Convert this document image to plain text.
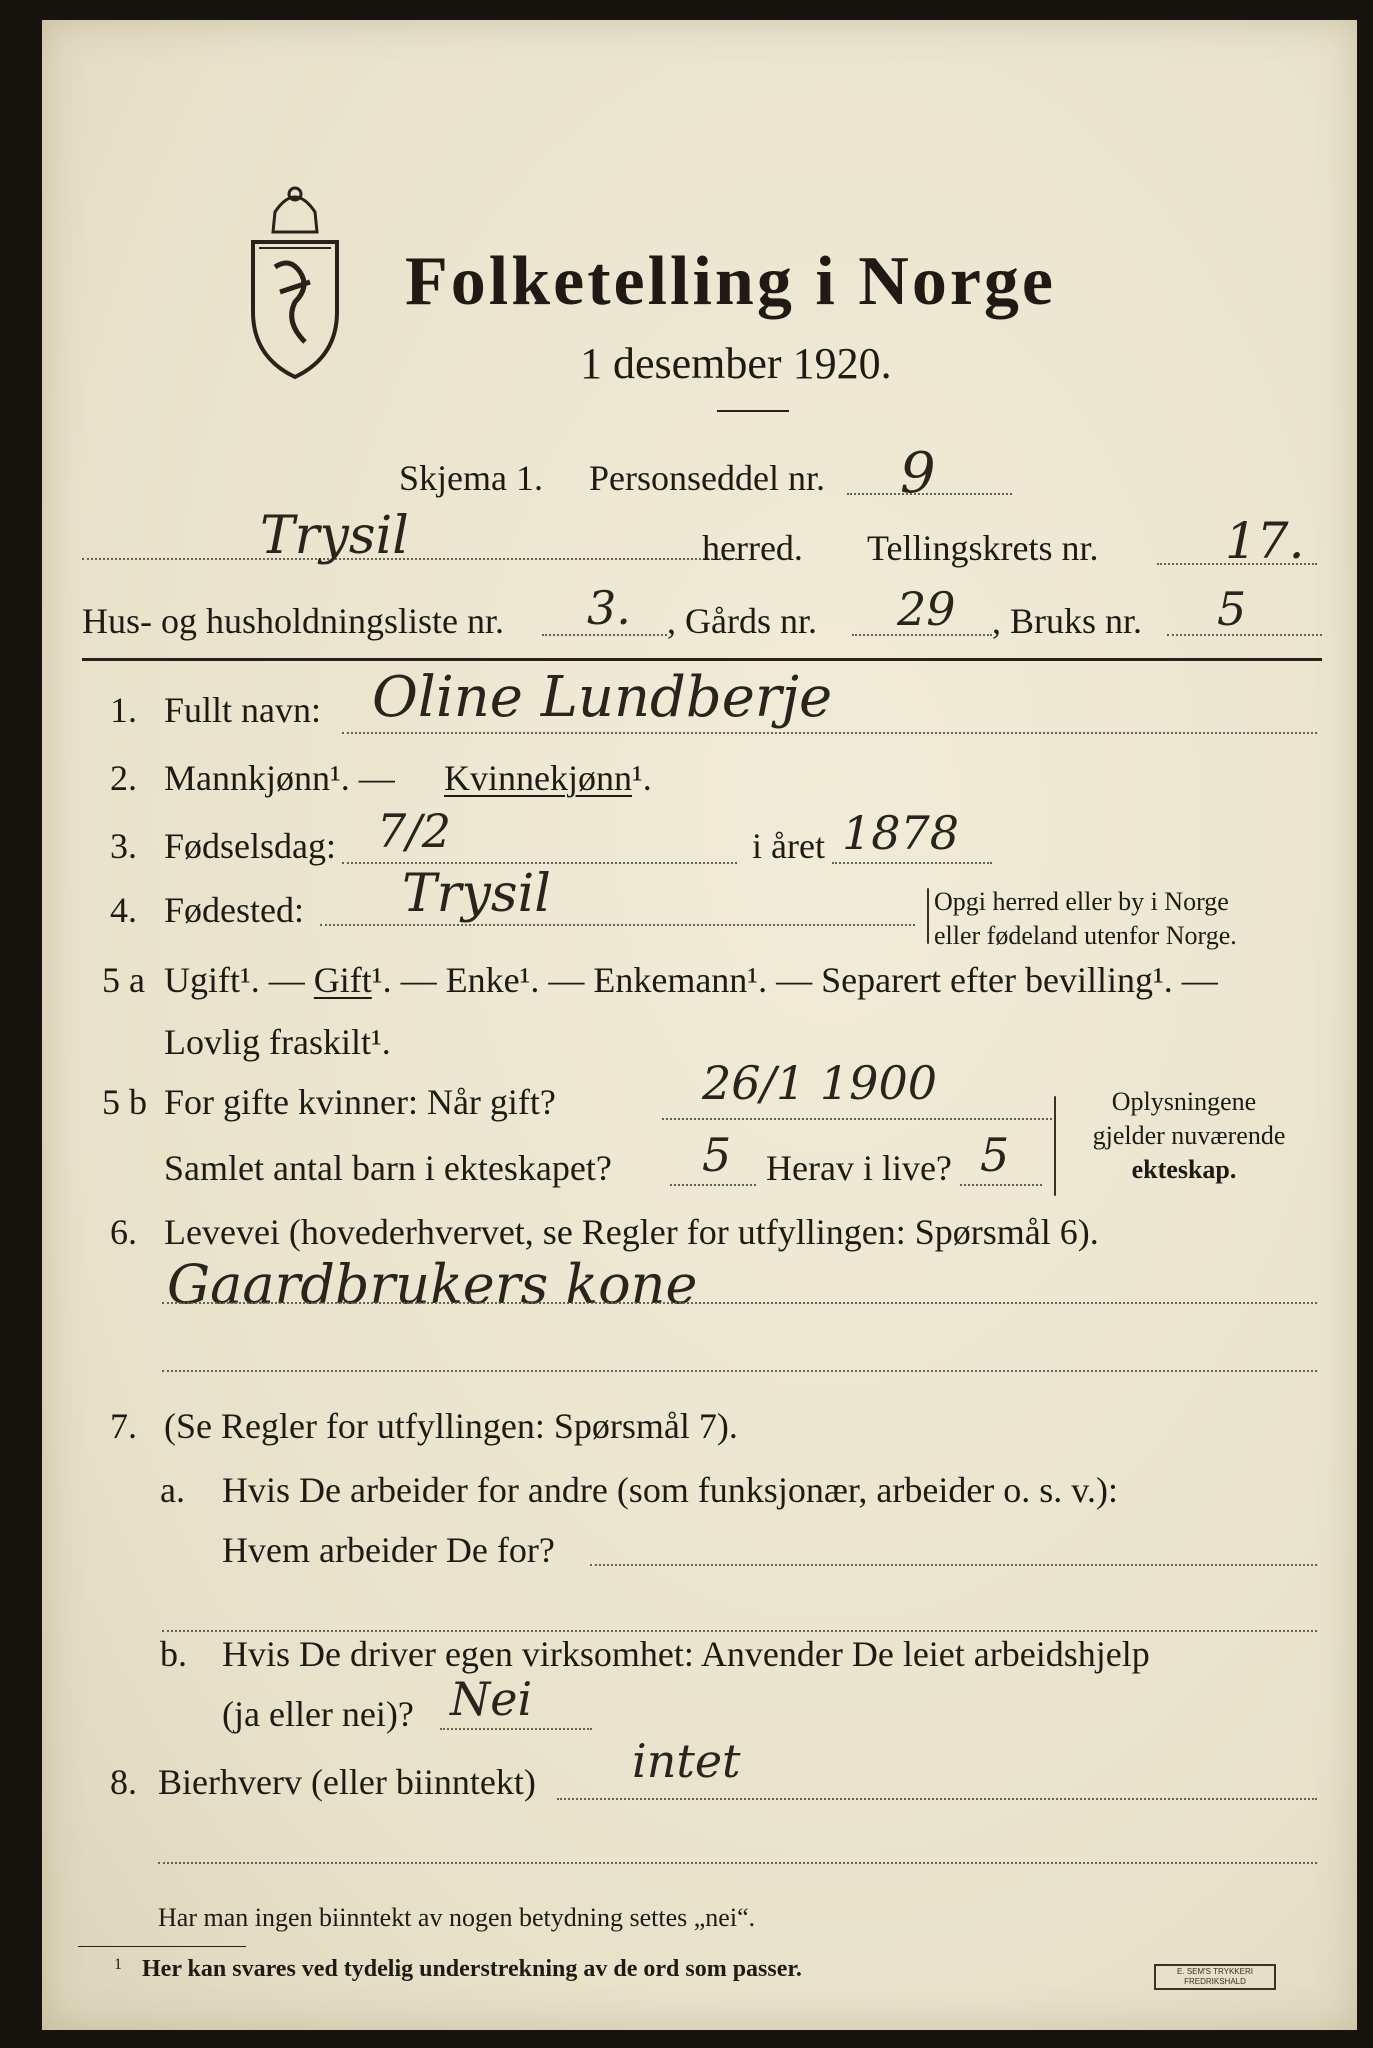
Folketelling i Norge
1 desember 1920.
Skjema 1. Personseddel nr. 9
Trysil	herred. Tellingskrets nr.	17.
Hus- og husholdningsliste nr. 3. , Gårds nr. 29 , Bruks nr. 5
1. Fullt navn: Oline Lundberje
2. Mannkjønn¹. — Kvinnekjønn¹.
3. Fødselsdag: 7/2	i året 1878
4. Fødested: Trysil	Opgi herred eller by i Norge
eller fødeland utenfor Norge.
5 a Ugift¹. — Gift¹. — Enke¹. — Enkemann¹. — Separert efter bevilling¹. —
Lovlig fraskilt¹.
5 b For gifte kvinner: Når gift?	26/1 1900
Samlet antal barn i ekteskapet? 5 Herav i live? 5
Oplysningene
gjelder nuværende
ekteskap.
6. Levevei (hovederhvervet, se Regler for utfyllingen: Spørsmål 6).
Gaardbrukers kone
7. (Se Regler for utfyllingen: Spørsmål 7).
a. Hvis De arbeider for andre (som funksjonær, arbeider o. s. v.):
Hvem arbeider De for?
b. Hvis De driver egen virksomhet: Anvender De leiet arbeidshjelp
(ja eller nei)? Nei
8. Bierhverv (eller biinntekt) intet
Har man ingen biinntekt av nogen betydning settes „nei“.
1 Her kan svares ved tydelig understrekning av de ord som passer.	E. SEM'S TRYKKERI FREDRIKSHALD
